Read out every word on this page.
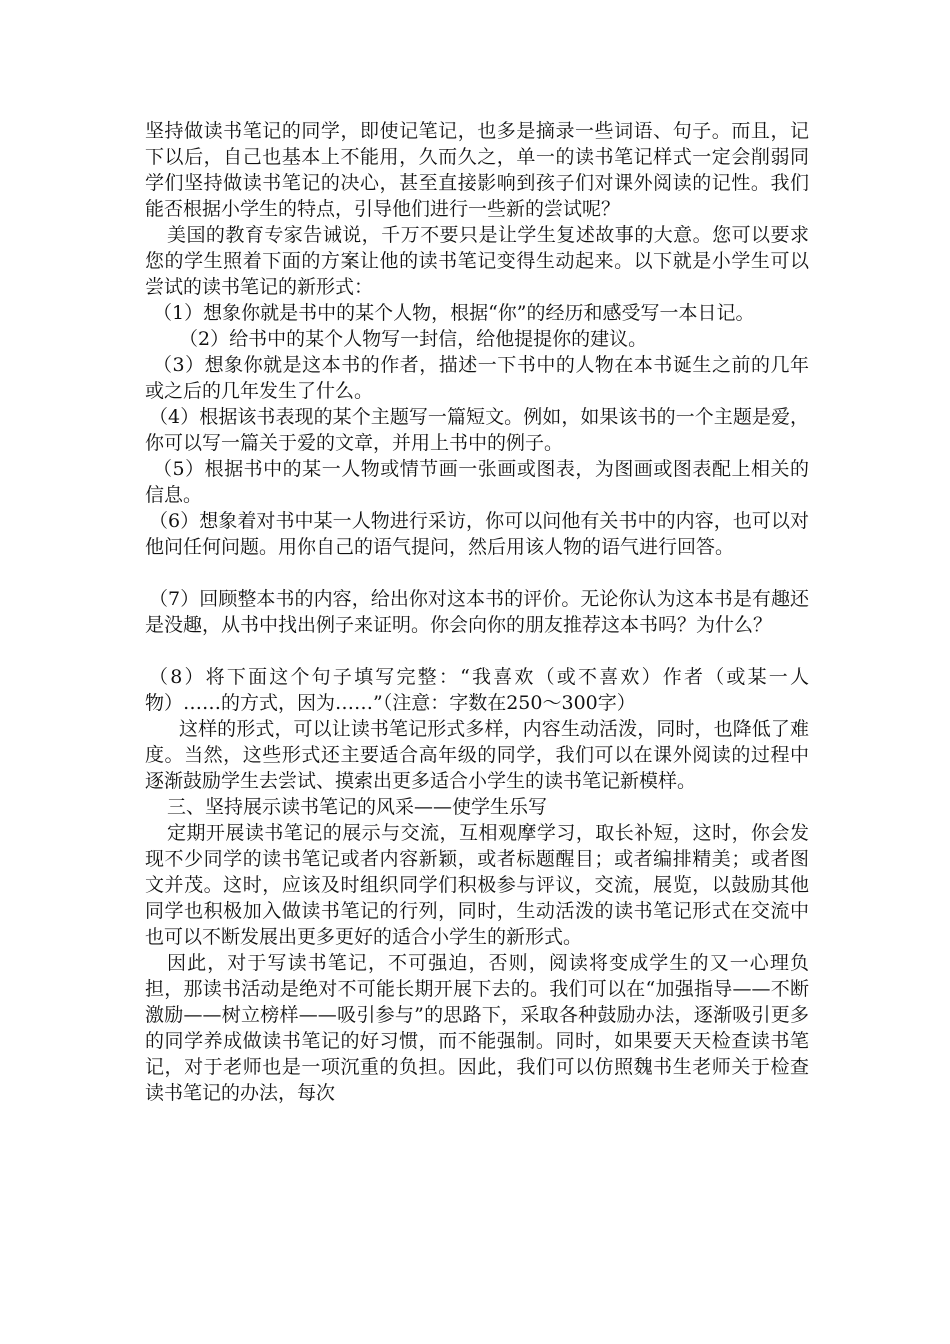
坚持做读书笔记的同学，即使记笔记，也多是摘录一些词语、句子。而且，记下以后，自己也基本上不能用，久而久之，单一的读书笔记样式一定会削弱同学们坚持做读书笔记的决心，甚至直接影响到孩子们对课外阅读的记性。我们能否根据小学生的特点，引导他们进行一些新的尝试呢？

美国的教育专家告诫说，千万不要只是让学生复述故事的大意。您可以要求您的学生照着下面的方案让他的读书笔记变得生动起来。以下就是小学生可以尝试的读书笔记的新形式：

（1）想象你就是书中的某个人物，根据“你”的经历和感受写一本日记。

（2）给书中的某个人物写一封信，给他提提你的建议。

（3）想象你就是这本书的作者，描述一下书中的人物在本书诞生之前的几年或之后的几年发生了什么。

（4）根据该书表现的某个主题写一篇短文。例如，如果该书的一个主题是爱，你可以写一篇关于爱的文章，并用上书中的例子。

（5）根据书中的某一人物或情节画一张画或图表，为图画或图表配上相关的信息。

（6）想象着对书中某一人物进行采访，你可以问他有关书中的内容，也可以对他问任何问题。用你自己的语气提问，然后用该人物的语气进行回答。

（7）回顾整本书的内容，给出你对这本书的评价。无论你认为这本书是有趣还是没趣，从书中找出例子来证明。你会向你的朋友推荐这本书吗？为什么？

（8）将下面这个句子填写完整：“我喜欢（或不喜欢）作者（或某一人物）……的方式，因为……”（注意：字数在250～300字）

这样的形式，可以让读书笔记形式多样，内容生动活泼，同时，也降低了难度。当然，这些形式还主要适合高年级的同学，我们可以在课外阅读的过程中逐渐鼓励学生去尝试、摸索出更多适合小学生的读书笔记新模样。

三、坚持展示读书笔记的风采——使学生乐写

定期开展读书笔记的展示与交流，互相观摩学习，取长补短，这时，你会发现不少同学的读书笔记或者内容新颖，或者标题醒目；或者编排精美；或者图文并茂。这时，应该及时组织同学们积极参与评议，交流，展览，以鼓励其他同学也积极加入做读书笔记的行列，同时，生动活泼的读书笔记形式在交流中也可以不断发展出更多更好的适合小学生的新形式。

因此，对于写读书笔记，不可强迫，否则，阅读将变成学生的又一心理负担，那读书活动是绝对不可能长期开展下去的。我们可以在“加强指导——不断激励——树立榜样——吸引参与”的思路下，采取各种鼓励办法，逐渐吸引更多的同学养成做读书笔记的好习惯，而不能强制。同时，如果要天天检查读书笔记，对于老师也是一项沉重的负担。因此，我们可以仿照魏书生老师关于检查读书笔记的办法，每次
